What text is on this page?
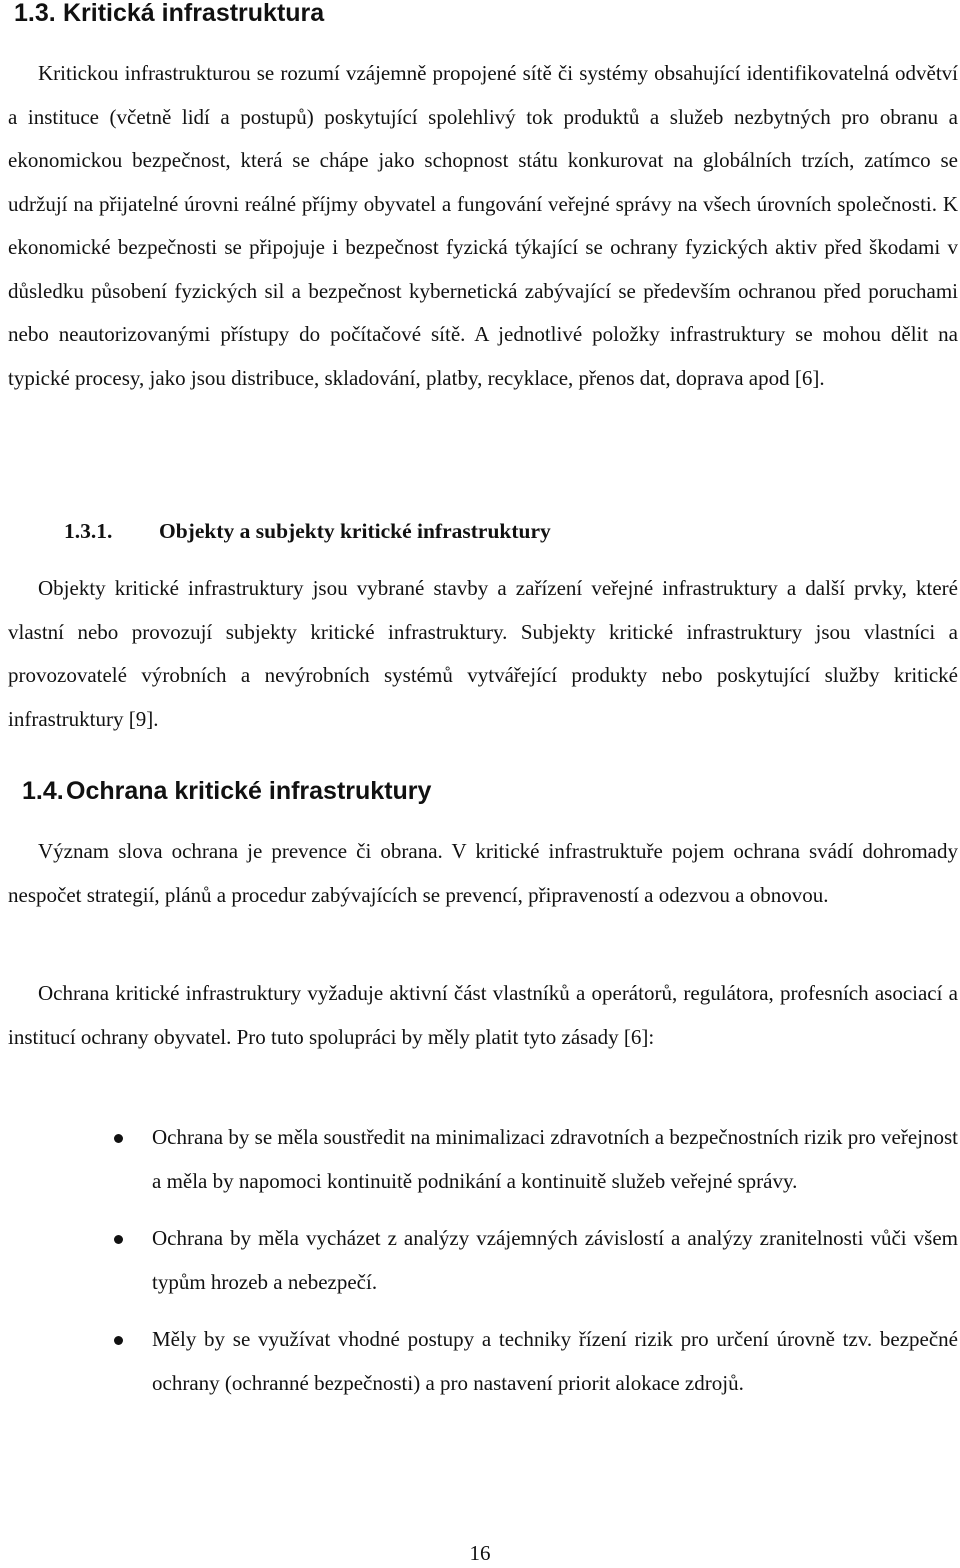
1.3. Kritická infrastruktura

Kritickou infrastrukturou se rozumí vzájemně propojené sítě či systémy obsahující identifikovatelná odvětví a instituce (včetně lidí a postupů) poskytující spolehlivý tok produktů a služeb nezbytných pro obranu a ekonomickou bezpečnost, která se chápe jako schopnost státu konkurovat na globálních trzích, zatímco se udržují na přijatelné úrovni reálné příjmy obyvatel a fungování veřejné správy na všech úrovních společnosti. K ekonomické bezpečnosti se připojuje i bezpečnost fyzická týkající se ochrany fyzických aktiv před škodami v důsledku působení fyzických sil a bezpečnost kybernetická zabývající se především ochranou před poruchami nebo neautorizovanými přístupy do počítačové sítě. A jednotlivé položky infrastruktury se mohou dělit na typické procesy, jako jsou distribuce, skladování, platby, recyklace, přenos dat, doprava apod [6].

1.3.1. Objekty a subjekty kritické infrastruktury

Objekty kritické infrastruktury jsou vybrané stavby a zařízení veřejné infrastruktury a další prvky, které vlastní nebo provozují subjekty kritické infrastruktury. Subjekty kritické infrastruktury jsou vlastníci a provozovatelé výrobních a nevýrobních systémů vytvářející produkty nebo poskytující služby kritické infrastruktury [9].

1.4.Ochrana kritické infrastruktury

Význam slova ochrana je prevence či obrana. V kritické infrastruktuře pojem ochrana svádí dohromady nespočet strategií, plánů a procedur zabývajících se prevencí, připraveností a odezvou a obnovou.

Ochrana kritické infrastruktury vyžaduje aktivní část vlastníků a operátorů, regulátora, profesních asociací a institucí ochrany obyvatel. Pro tuto spolupráci by měly platit tyto zásady [6]:

Ochrana by se měla soustředit na minimalizaci zdravotních a bezpečnostních rizik pro veřejnost a měla by napomoci kontinuitě podnikání a kontinuitě služeb veřejné správy.
Ochrana by měla vycházet z analýzy vzájemných závislostí a analýzy zranitelnosti vůči všem typům hrozeb a nebezpečí.
Měly by se využívat vhodné postupy a techniky řízení rizik pro určení úrovně tzv. bezpečné ochrany (ochranné bezpečnosti) a pro nastavení priorit alokace zdrojů.

16
